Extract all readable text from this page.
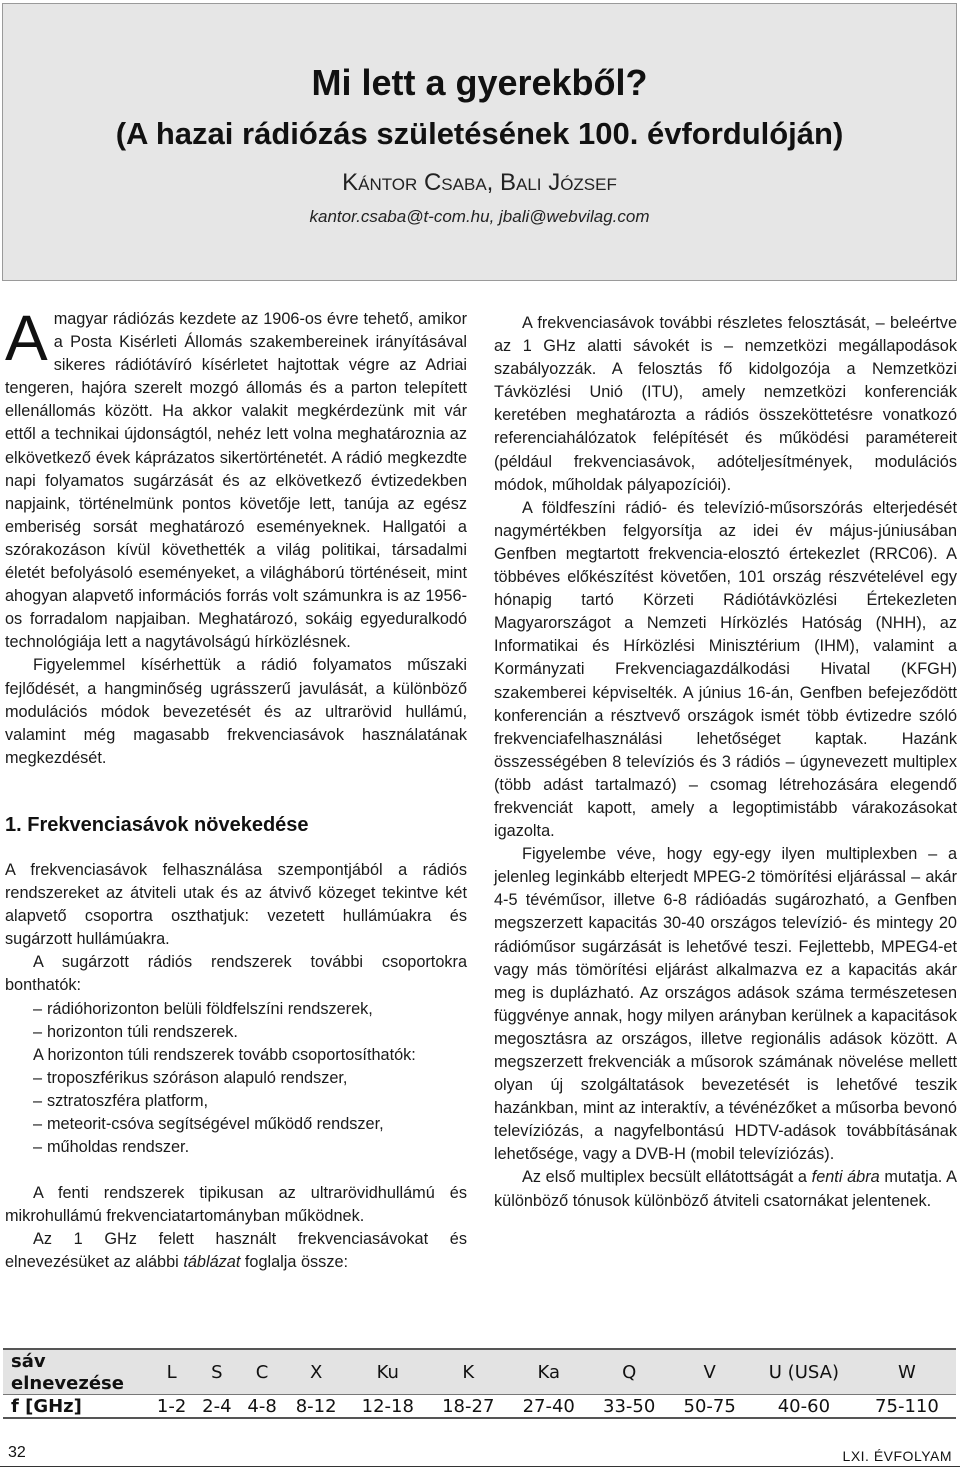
Mi lett a gyerekből?
(A hazai rádiózás születésének 100. évfordulóján)
Kántor Csaba, Bali József
kantor.csaba@t-com.hu, jbali@webvilag.com

Amagyar rádiózás kezdete az 1906-os évre tehető, amikor a Posta Kisérleti Állomás szakembereinek irányításával sikeres rádiótávíró kísérletet hajtottak végre az Adriai tengeren, hajóra szerelt mozgó állomás és a parton telepített ellenállomás között. Ha akkor valakit megkérdezünk mit vár ettől a technikai újdonságtól, nehéz lett volna meghatároznia az elkövetkező évek káprázatos sikertörténetét. A rádió megkezdte napi folyamatos sugárzását és az elkövetkező évtizedekben napjaink, történelmünk pontos követője lett, tanúja az egész emberiség sorsát meghatározó eseményeknek. Hallgatói a szórakozáson kívül követhették a világ politikai, társadalmi életét befolyásoló eseményeket, a világháború történéseit, mint ahogyan alapvető információs forrás volt számunkra is az 1956-os forradalom napjaiban. Meghatározó, sokáig egyeduralkodó technológiája lett a nagytávolságú hírközlésnek.

Figyelemmel kísérhettük a rádió folyamatos műszaki fejlődését, a hangminőség ugrásszerű javulását, a különböző modulációs módok bevezetését és az ultrarövid hullámú, valamint még magasabb frekvenciasávok használatának megkezdését.

1. Frekvenciasávok növekedése

A frekvenciasávok felhasználása szempontjából a rádiós rendszereket az átviteli utak és az átvivő közeget tekintve két alapvető csoportra oszthatjuk: vezetett hullámúakra és sugárzott hullámúakra.

A sugárzott rádiós rendszerek további csoportokra bonthatók:

– rádióhorizonton belüli földfelszíni rendszerek,
– horizonton túli rendszerek.

A horizonton túli rendszerek tovább csoportosíthatók:

– troposzférikus szóráson alapuló rendszer,
– sztratoszféra platform,
– meteorit-csóva segítségével működő rendszer,
– műholdas rendszer.

A fenti rendszerek tipikusan az ultrarövidhullámú és mikrohullámú frekvenciatartományban működnek.

Az 1 GHz felett használt frekvenciasávokat és elnevezésüket az alábbi táblázat foglalja össze:

A frekvenciasávok további részletes felosztását, – beleértve az 1 GHz alatti sávokét is – nemzetközi megállapodások szabályozzák. A felosztás fő kidolgozója a Nemzetközi Távközlési Unió (ITU), amely nemzetközi konferenciák keretében meghatározta a rádiós összeköttetésre vonatkozó referenciahálózatok felépítését és működési paramétereit (például frekvenciasávok, adóteljesítmények, modulációs módok, műholdak pályapozíciói).

A földfeszíni rádió- és televízió-műsorszórás elterjedését nagymértékben felgyorsítja az idei év május-júniusában Genfben megtartott frekvencia-elosztó értekezlet (RRC06). A többéves előkészítést követően, 101 ország részvételével egy hónapig tartó Körzeti Rádiótávközlési Értekezleten Magyarországot a Nemzeti Hírközlés Hatóság (NHH), az Informatikai és Hírközlési Minisztérium (IHM), valamint a Kormányzati Frekvenciagazdálkodási Hivatal (KFGH) szakemberei képviselték. A június 16-án, Genfben befejeződött konferencián a résztvevő országok ismét több évtizedre szóló frekvenciafelhasználási lehetőséget kaptak. Hazánk összességében 8 televíziós és 3 rádiós – úgynevezett multiplex (több adást tartalmazó) – csomag létrehozására elegendő frekvenciát kapott, amely a legoptimistább várakozásokat igazolta.

Figyelembe véve, hogy egy-egy ilyen multiplexben – a jelenleg leginkább elterjedt MPEG-2 tömörítési eljárással – akár 4-5 tévéműsor, illetve 6-8 rádióadás sugározható, a Genfben megszerzett kapacitás 30-40 országos televízió- és mintegy 20 rádióműsor sugárzását is lehetővé teszi. Fejlettebb, MPEG4-et vagy más tömörítési eljárást alkalmazva ez a kapacitás akár meg is duplázható. Az országos adások száma természetesen függvénye annak, hogy milyen arányban kerülnek a kapacitások megosztásra az országos, illetve regionális adások között. A megszerzett frekvenciák a műsorok számának növelése mellett olyan új szolgáltatások bevezetését is lehetővé teszik hazánkban, mint az interaktív, a tévénézőket a műsorba bevonó televíziózás, a nagyfelbontású HDTV-adások továbbításának lehetősége, vagy a DVB-H (mobil televíziózás).

Az első multiplex becsült ellátottságát a fenti ábra mutatja. A különböző tónusok különböző átviteli csatornákat jelentenek.

sáv	L	S	C	X	Ku	K	Ka	Q	V	U (USA)	W
elnevezése											
f [GHz]	1-2	2-4	4-8	8-12	12-18	18-27	27-40	33-50	50-75	40-60	75-110
32	LXI. ÉVFOLYAM
